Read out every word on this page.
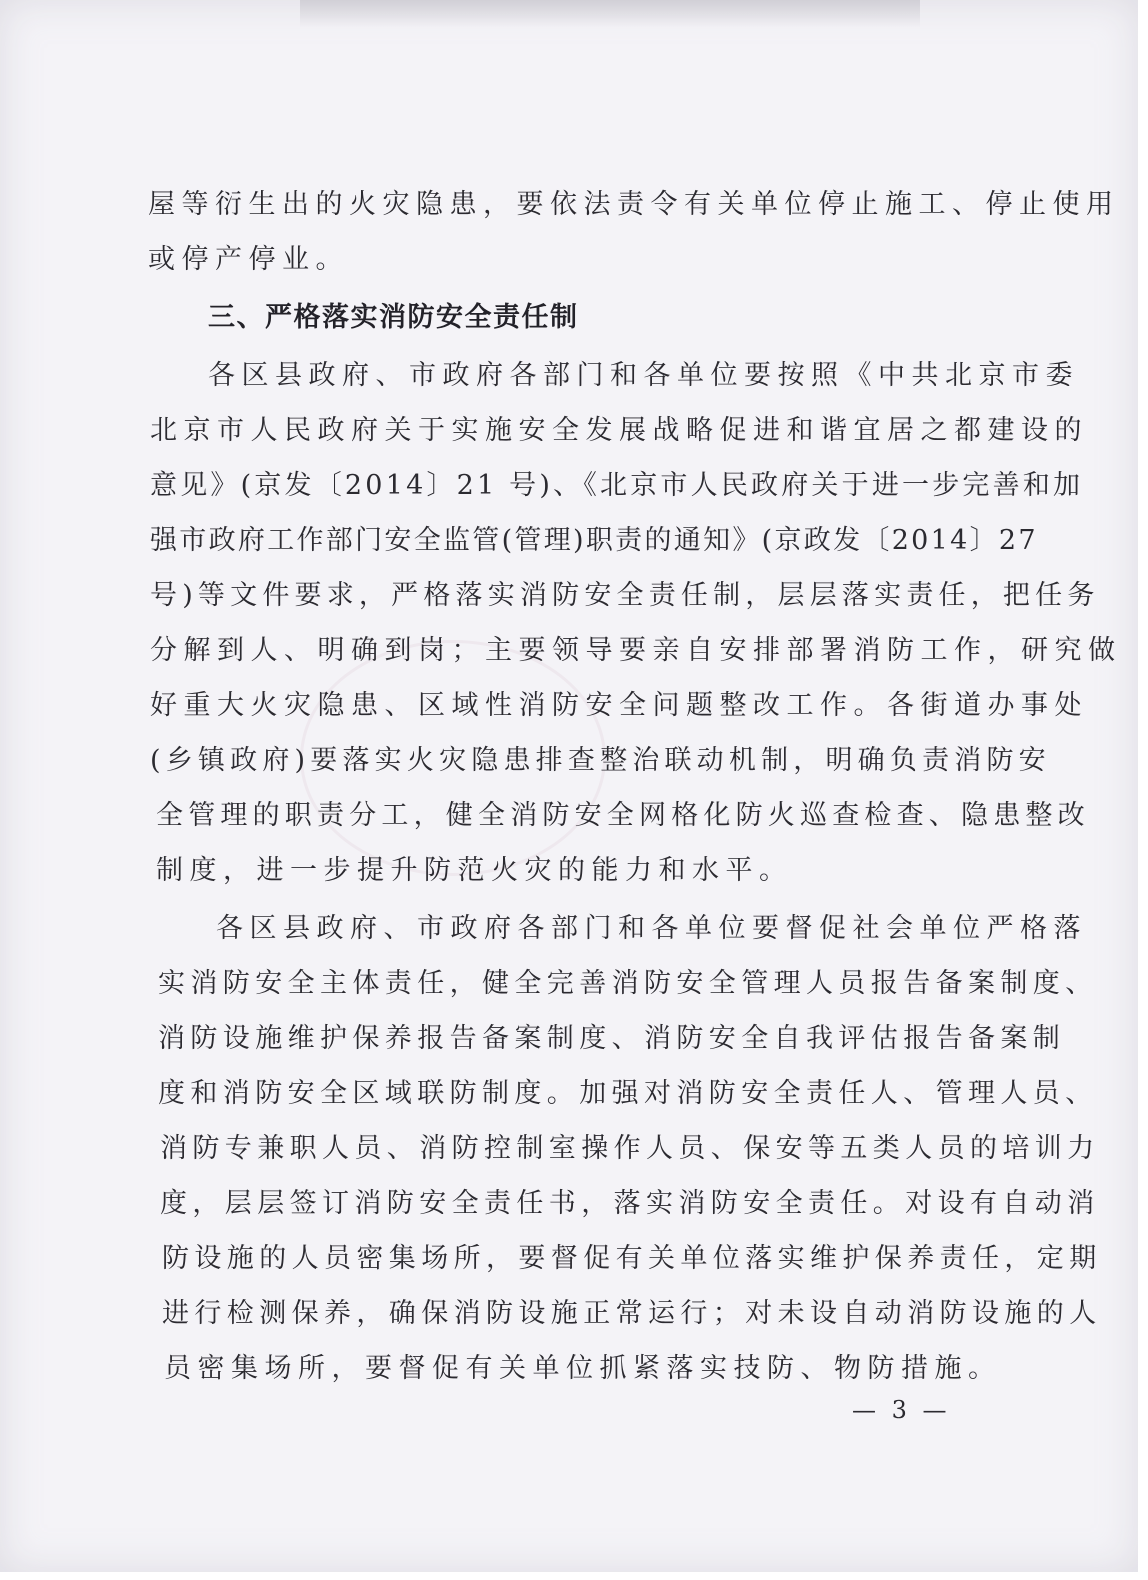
屋等衍生出的火灾隐患，要依法责令有关单位停止施工、停止使用
或停产停业。
三、严格落实消防安全责任制
各区县政府、市政府各部门和各单位要按照《中共北京市委
北京市人民政府关于实施安全发展战略促进和谐宜居之都建设的
意见》(京发〔2014〕21 号)、《北京市人民政府关于进一步完善和加
强市政府工作部门安全监管(管理)职责的通知》(京政发〔2014〕27
号)等文件要求，严格落实消防安全责任制，层层落实责任，把任务
分解到人、明确到岗；主要领导要亲自安排部署消防工作，研究做
好重大火灾隐患、区域性消防安全问题整改工作。各街道办事处
(乡镇政府)要落实火灾隐患排查整治联动机制，明确负责消防安
全管理的职责分工，健全消防安全网格化防火巡查检查、隐患整改
制度，进一步提升防范火灾的能力和水平。
各区县政府、市政府各部门和各单位要督促社会单位严格落
实消防安全主体责任，健全完善消防安全管理人员报告备案制度、
消防设施维护保养报告备案制度、消防安全自我评估报告备案制
度和消防安全区域联防制度。加强对消防安全责任人、管理人员、
消防专兼职人员、消防控制室操作人员、保安等五类人员的培训力
度，层层签订消防安全责任书，落实消防安全责任。对设有自动消
防设施的人员密集场所，要督促有关单位落实维护保养责任，定期
进行检测保养，确保消防设施正常运行；对未设自动消防设施的人
员密集场所，要督促有关单位抓紧落实技防、物防措施。
— 3 —
